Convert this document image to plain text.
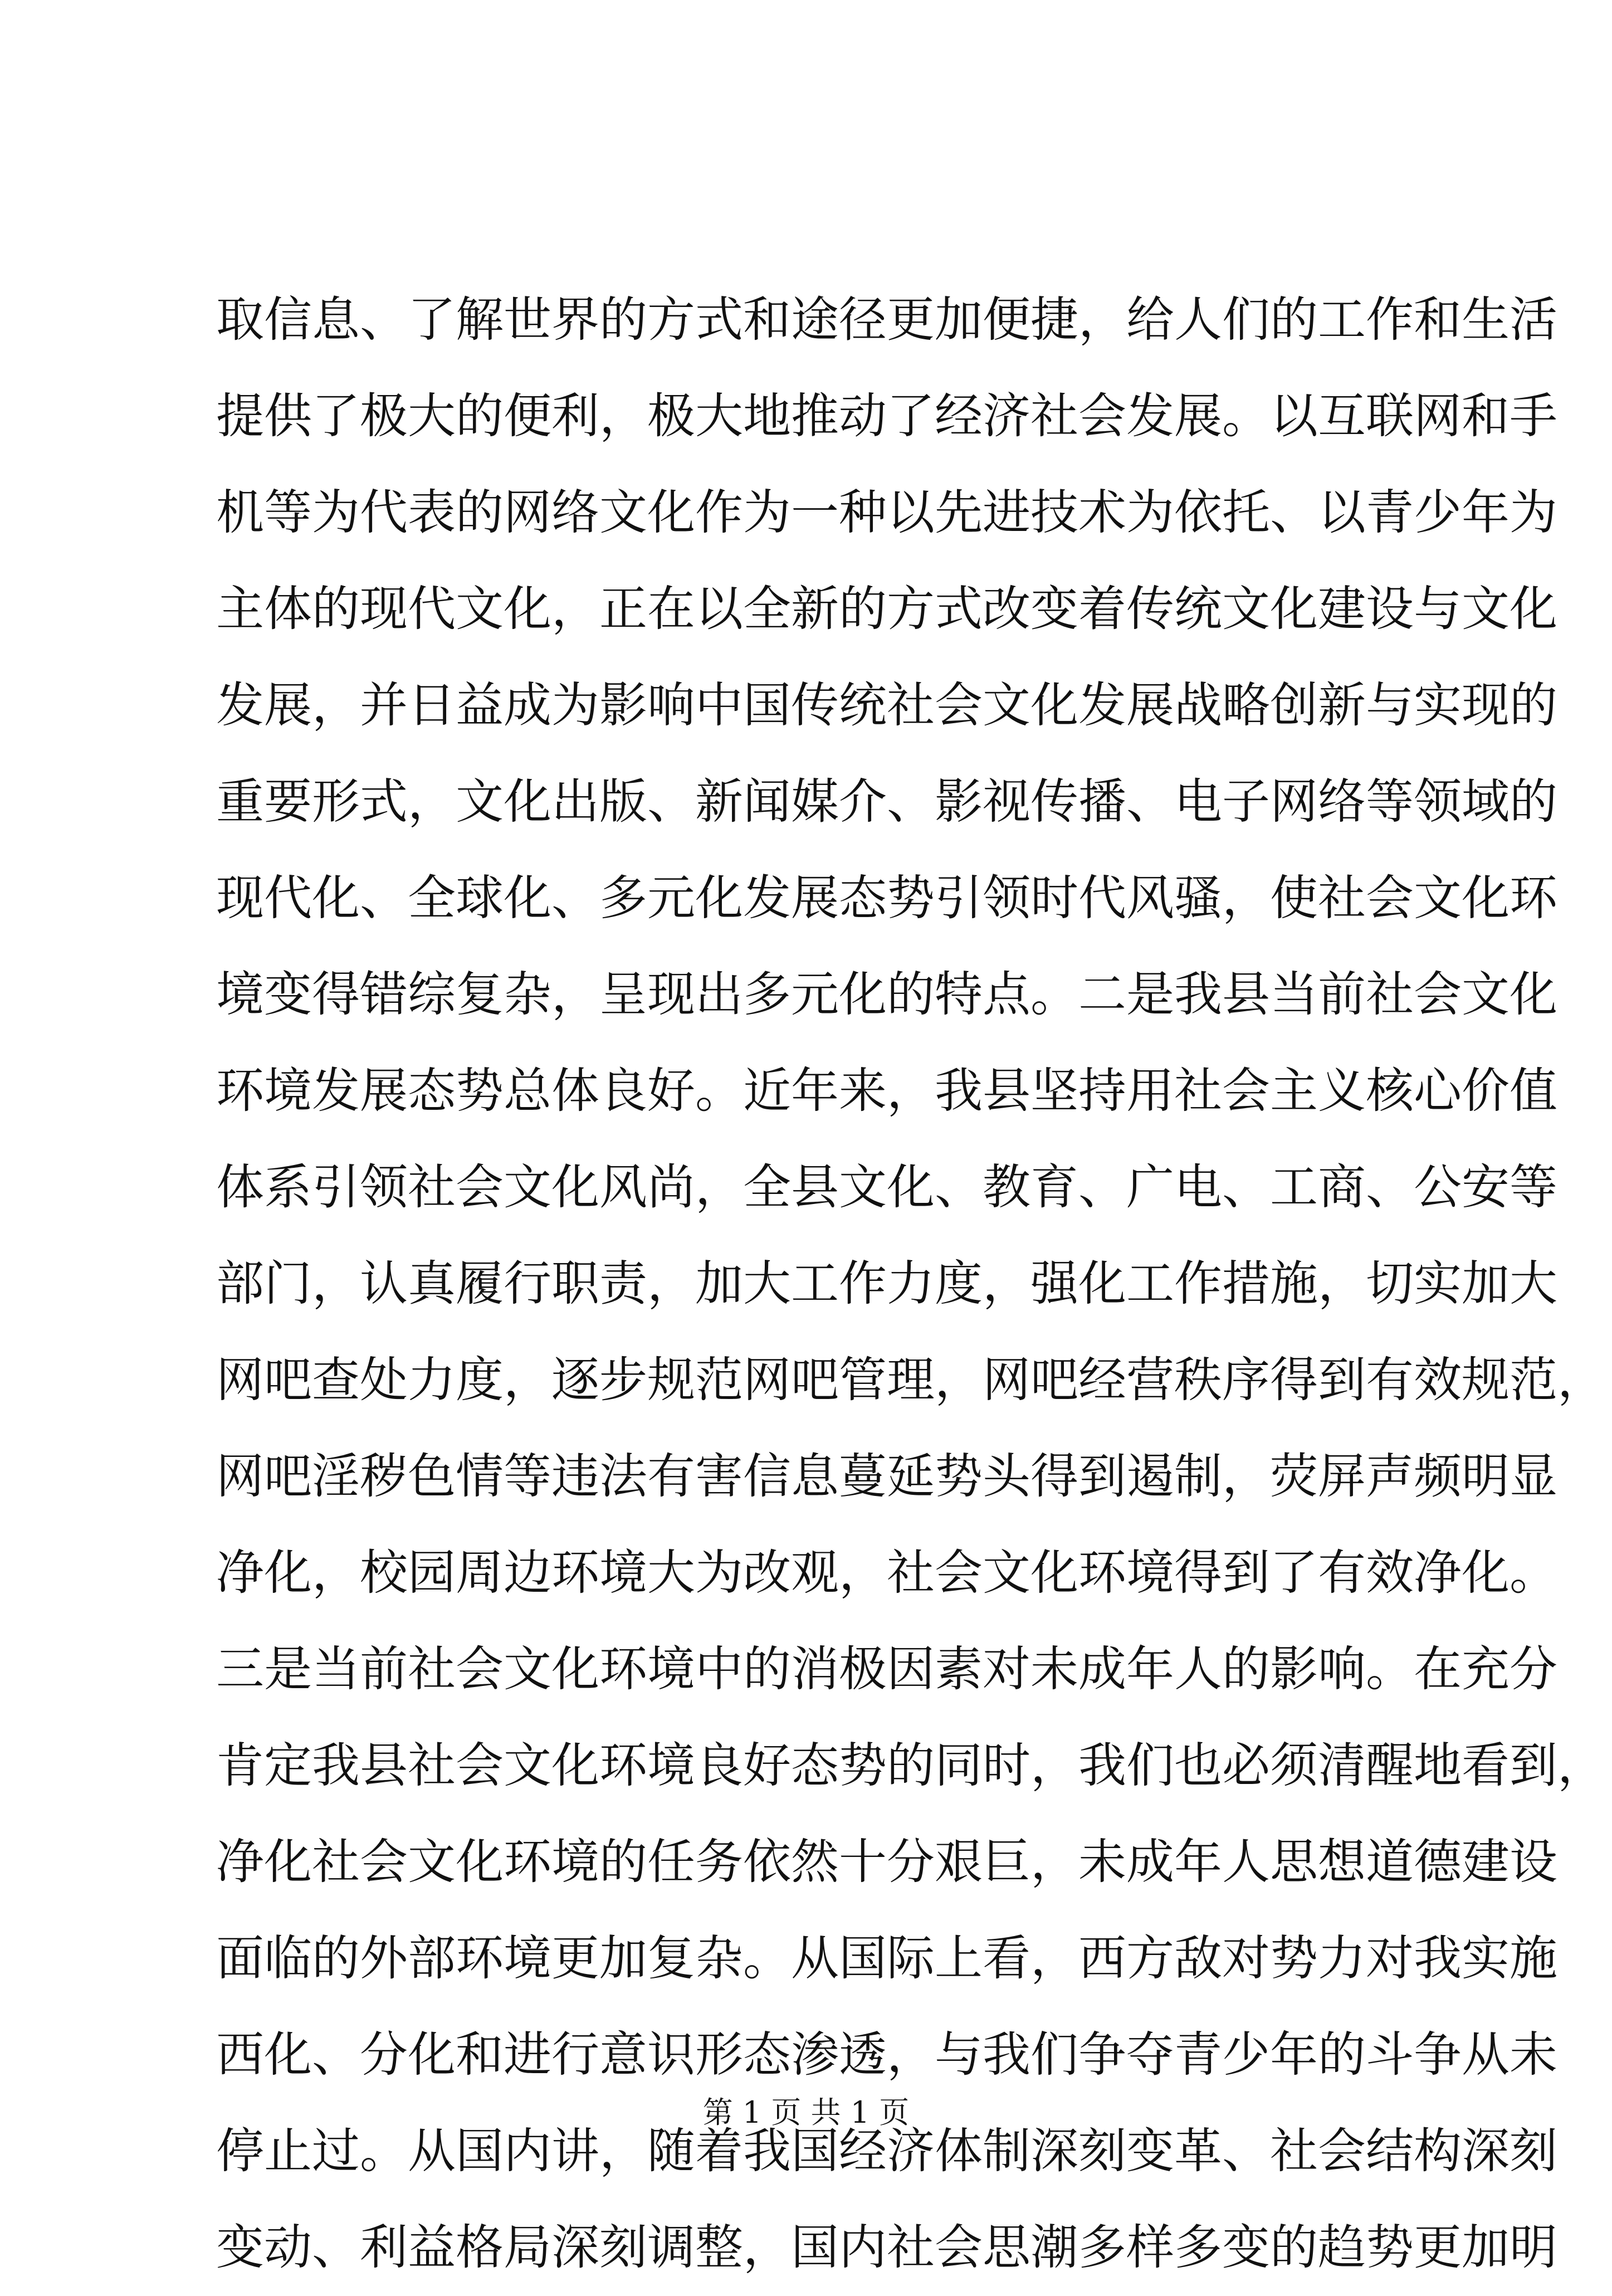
取信息、了解世界的方式和途径更加便捷，给人们的工作和生活
提供了极大的便利，极大地推动了经济社会发展。以互联网和手
机等为代表的网络文化作为一种以先进技术为依托、以青少年为
主体的现代文化，正在以全新的方式改变着传统文化建设与文化
发展，并日益成为影响中国传统社会文化发展战略创新与实现的
重要形式，文化出版、新闻媒介、影视传播、电子网络等领域的
现代化、全球化、多元化发展态势引领时代风骚，使社会文化环
境变得错综复杂，呈现出多元化的特点。二是我县当前社会文化
环境发展态势总体良好。近年来，我县坚持用社会主义核心价值
体系引领社会文化风尚，全县文化、教育、广电、工商、公安等
部门，认真履行职责，加大工作力度，强化工作措施，切实加大
网吧查处力度，逐步规范网吧管理，网吧经营秩序得到有效规范，
网吧淫秽色情等违法有害信息蔓延势头得到遏制，荧屏声频明显
净化，校园周边环境大为改观，社会文化环境得到了有效净化。
三是当前社会文化环境中的消极因素对未成年人的影响。在充分
肯定我县社会文化环境良好态势的同时，我们也必须清醒地看到，
净化社会文化环境的任务依然十分艰巨，未成年人思想道德建设
面临的外部环境更加复杂。从国际上看，西方敌对势力对我实施
西化、分化和进行意识形态渗透，与我们争夺青少年的斗争从未
停止过。从国内讲，随着我国经济体制深刻变革、社会结构深刻
变动、利益格局深刻调整，国内社会思潮多样多变的趋势更加明
第 1 页 共 1 页
